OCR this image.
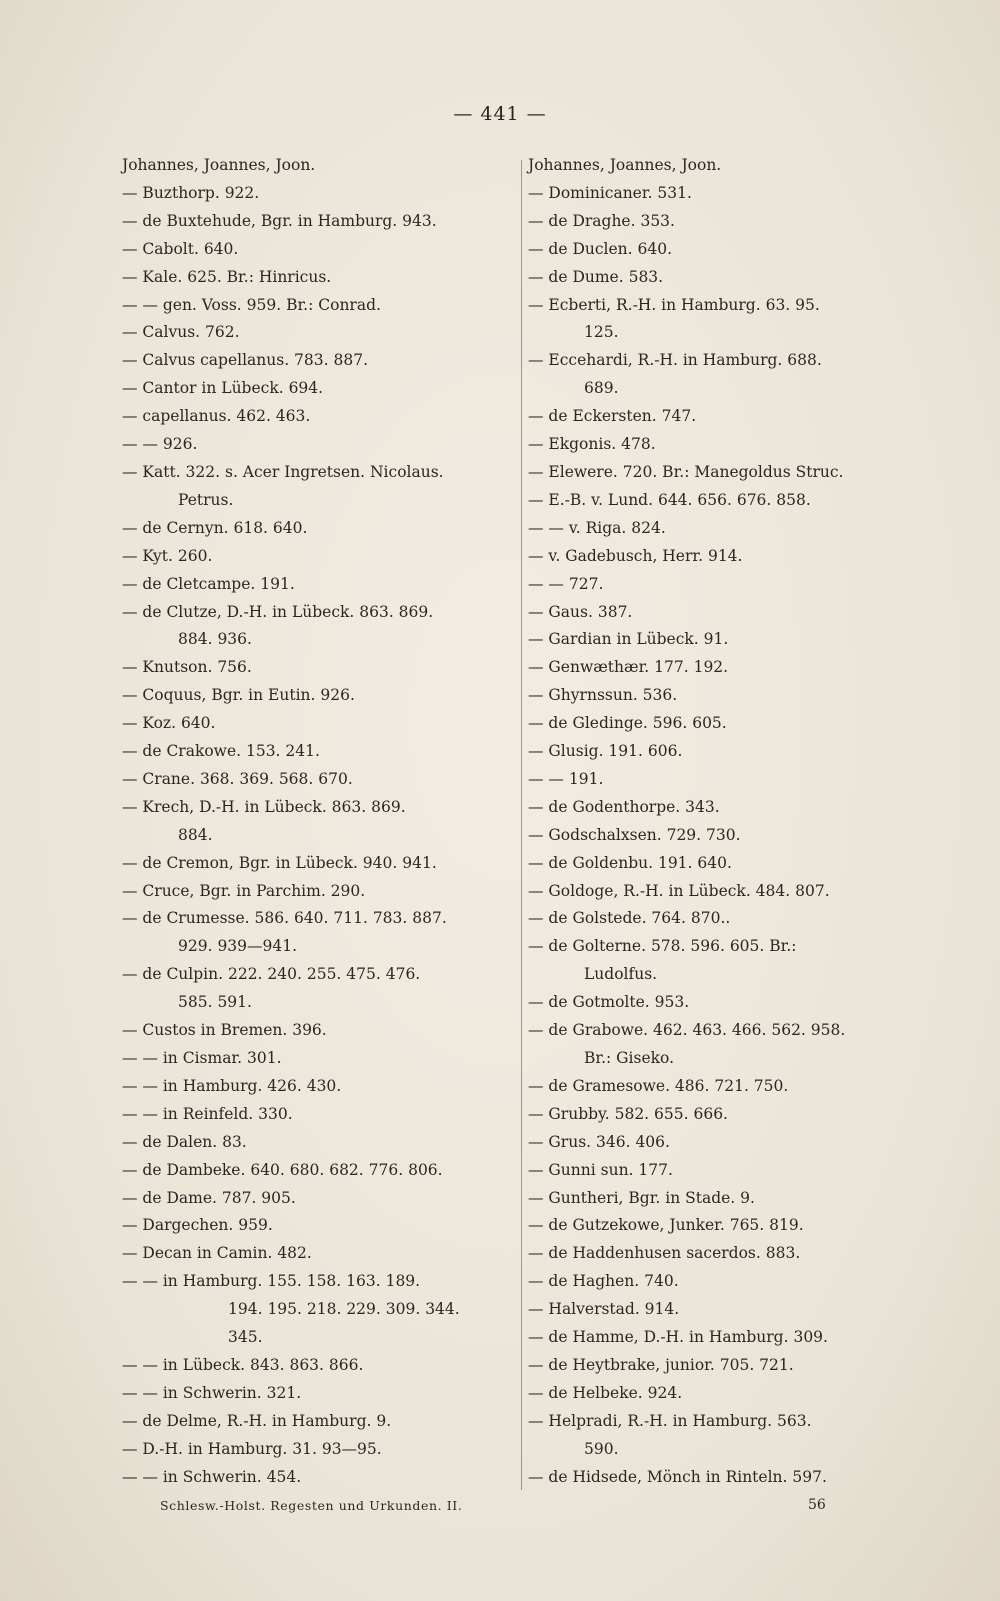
— 441 —
Johannes, Joannes, Joon.
— Buzthorp. 922.
— de Buxtehude, Bgr. in Hamburg. 943.
— Cabolt. 640.
— Kale. 625. Br.: Hinricus.
— — gen. Voss. 959. Br.: Conrad.
— Calvus. 762.
— Calvus capellanus. 783. 887.
— Cantor in Lübeck. 694.
— capellanus. 462. 463.
— — 926.
— Katt. 322. s. Acer Ingretsen. Nicolaus.
Petrus.
— de Cernyn. 618. 640.
— Kyt. 260.
— de Cletcampe. 191.
— de Clutze, D.-H. in Lübeck. 863. 869.
884. 936.
— Knutson. 756.
— Coquus, Bgr. in Eutin. 926.
— Koz. 640.
— de Crakowe. 153. 241.
— Crane. 368. 369. 568. 670.
— Krech, D.-H. in Lübeck. 863. 869.
884.
— de Cremon, Bgr. in Lübeck. 940. 941.
— Cruce, Bgr. in Parchim. 290.
— de Crumesse. 586. 640. 711. 783. 887.
929. 939—941.
— de Culpin. 222. 240. 255. 475. 476.
585. 591.
— Custos in Bremen. 396.
— — in Cismar. 301.
— — in Hamburg. 426. 430.
— — in Reinfeld. 330.
— de Dalen. 83.
— de Dambeke. 640. 680. 682. 776. 806.
— de Dame. 787. 905.
— Dargechen. 959.
— Decan in Camin. 482.
— — in Hamburg. 155. 158. 163. 189.
194. 195. 218. 229. 309. 344.
345.
— — in Lübeck. 843. 863. 866.
— — in Schwerin. 321.
— de Delme, R.-H. in Hamburg. 9.
— D.-H. in Hamburg. 31. 93—95.
— — in Schwerin. 454.
Johannes, Joannes, Joon.
— Dominicaner. 531.
— de Draghe. 353.
— de Duclen. 640.
— de Dume. 583.
— Ecberti, R.-H. in Hamburg. 63. 95.
125.
— Eccehardi, R.-H. in Hamburg. 688.
689.
— de Eckersten. 747.
— Ekgonis. 478.
— Elewere. 720. Br.: Manegoldus Struc.
— E.-B. v. Lund. 644. 656. 676. 858.
— — v. Riga. 824.
— v. Gadebusch, Herr. 914.
— — 727.
— Gaus. 387.
— Gardian in Lübeck. 91.
— Genwæthær. 177. 192.
— Ghyrnssun. 536.
— de Gledinge. 596. 605.
— Glusig. 191. 606.
— — 191.
— de Godenthorpe. 343.
— Godschalxsen. 729. 730.
— de Goldenbu. 191. 640.
— Goldoge, R.-H. in Lübeck. 484. 807.
— de Golstede. 764. 870..
— de Golterne. 578. 596. 605. Br.:
Ludolfus.
— de Gotmolte. 953.
— de Grabowe. 462. 463. 466. 562. 958.
Br.: Giseko.
— de Gramesowe. 486. 721. 750.
— Grubby. 582. 655. 666.
— Grus. 346. 406.
— Gunni sun. 177.
— Guntheri, Bgr. in Stade. 9.
— de Gutzekowe, Junker. 765. 819.
— de Haddenhusen sacerdos. 883.
— de Haghen. 740.
— Halverstad. 914.
— de Hamme, D.-H. in Hamburg. 309.
— de Heytbrake, junior. 705. 721.
— de Helbeke. 924.
— Helpradi, R.-H. in Hamburg. 563.
590.
— de Hidsede, Mönch in Rinteln. 597.
Schlesw.-Holst. Regesten und Urkunden. II.	56
